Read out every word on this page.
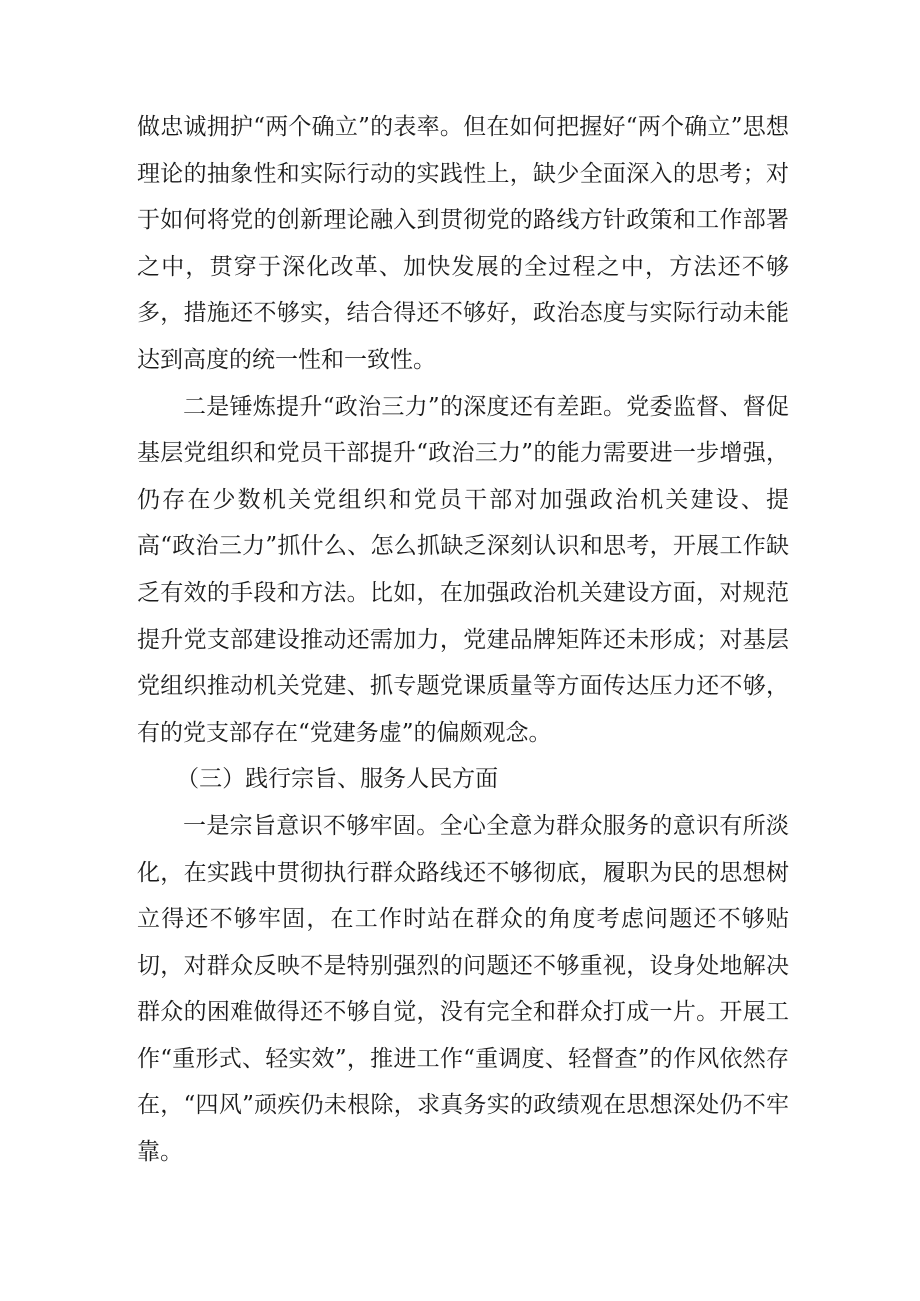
做忠诚拥护“两个确立”的表率。但在如何把握好“两个确立”思想理论的抽象性和实际行动的实践性上，缺少全面深入的思考；对于如何将党的创新理论融入到贯彻党的路线方针政策和工作部署之中，贯穿于深化改革、加快发展的全过程之中，方法还不够多，措施还不够实，结合得还不够好，政治态度与实际行动未能达到高度的统一性和一致性。

二是锤炼提升“政治三力”的深度还有差距。党委监督、督促基层党组织和党员干部提升“政治三力”的能力需要进一步增强，仍存在少数机关党组织和党员干部对加强政治机关建设、提高“政治三力”抓什么、怎么抓缺乏深刻认识和思考，开展工作缺乏有效的手段和方法。比如，在加强政治机关建设方面，对规范提升党支部建设推动还需加力，党建品牌矩阵还未形成；对基层党组织推动机关党建、抓专题党课质量等方面传达压力还不够，有的党支部存在“党建务虚”的偏颇观念。

（三）践行宗旨、服务人民方面

一是宗旨意识不够牢固。全心全意为群众服务的意识有所淡化，在实践中贯彻执行群众路线还不够彻底，履职为民的思想树立得还不够牢固，在工作时站在群众的角度考虑问题还不够贴切，对群众反映不是特别强烈的问题还不够重视，设身处地解决群众的困难做得还不够自觉，没有完全和群众打成一片。开展工作“重形式、轻实效”，推进工作“重调度、轻督查”的作风依然存在，“四风”顽疾仍未根除，求真务实的政绩观在思想深处仍不牢靠。
